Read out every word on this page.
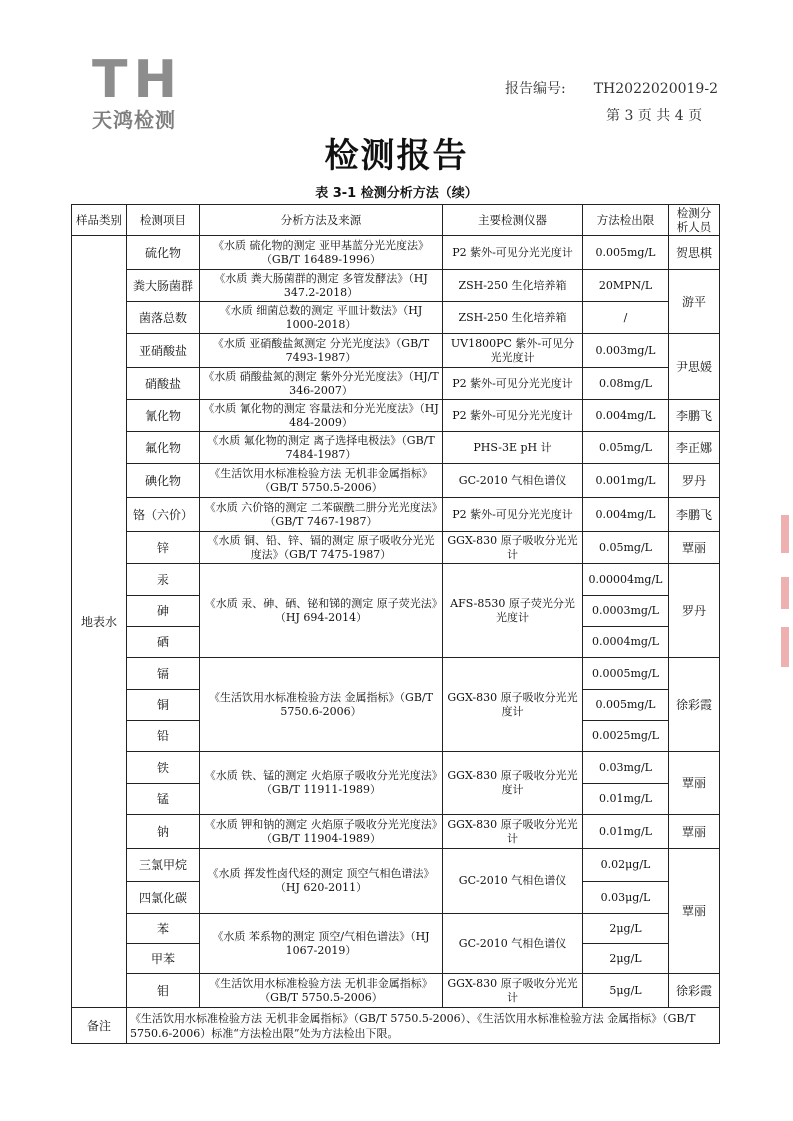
TH
天鸿检测
报告编号: TH2022020019-2
第 3 页 共 4 页
检测报告
表 3-1 检测分析方法（续）
样品类别	检测项目	分析方法及来源	主要检测仪器	方法检出限	检测分析人员
地表水	硫化物	《水质 硫化物的测定 亚甲基蓝分光光度法》（GB/T 16489-1996）	P2 紫外-可见分光光度计	0.005mg/L	贺思棋
	粪大肠菌群	《水质 粪大肠菌群的测定 多管发酵法》（HJ 347.2-2018）	ZSH-250 生化培养箱	20MPN/L	游平
	菌落总数	《水质 细菌总数的测定 平皿计数法》（HJ 1000-2018）	ZSH-250 生化培养箱	/	
	亚硝酸盐	《水质 亚硝酸盐氮测定 分光光度法》（GB/T 7493-1987）	UV1800PC 紫外-可见分光光度计	0.003mg/L	尹思媛
	硝酸盐	《水质 硝酸盐氮的测定 紫外分光光度法》（HJ/T 346-2007）	P2 紫外-可见分光光度计	0.08mg/L	
	氰化物	《水质 氰化物的测定 容量法和分光光度法》（HJ 484-2009）	P2 紫外-可见分光光度计	0.004mg/L	李鹏飞
	氟化物	《水质 氟化物的测定 离子选择电极法》（GB/T 7484-1987）	PHS-3E pH 计	0.05mg/L	李正娜
	碘化物	《生活饮用水标准检验方法 无机非金属指标》（GB/T 5750.5-2006）	GC-2010 气相色谱仪	0.001mg/L	罗丹
	铬（六价）	《水质 六价铬的测定 二苯碳酰二肼分光光度法》（GB/T 7467-1987）	P2 紫外-可见分光光度计	0.004mg/L	李鹏飞
	锌	《水质 铜、铅、锌、镉的测定 原子吸收分光光度法》（GB/T 7475-1987）	GGX-830 原子吸收分光光计	0.05mg/L	覃丽
	汞	《水质 汞、砷、硒、铋和锑的测定 原子荧光法》（HJ 694-2014）	AFS-8530 原子荧光分光光度计	0.00004mg/L	罗丹
	砷			0.0003mg/L	
	硒			0.0004mg/L	
	镉	《生活饮用水标准检验方法 金属指标》（GB/T 5750.6-2006）	GGX-830 原子吸收分光光度计	0.0005mg/L	徐彩霞
	铜			0.005mg/L	
	铅			0.0025mg/L	
	铁	《水质 铁、锰的测定 火焰原子吸收分光光度法》（GB/T 11911-1989）	GGX-830 原子吸收分光光度计	0.03mg/L	覃丽
	锰			0.01mg/L	
	钠	《水质 钾和钠的测定 火焰原子吸收分光光度法》（GB/T 11904-1989）	GGX-830 原子吸收分光光计	0.01mg/L	覃丽
	三氯甲烷	《水质 挥发性卤代烃的测定 顶空气相色谱法》（HJ 620-2011）	GC-2010 气相色谱仪	0.02μg/L	覃丽
	四氯化碳			0.03μg/L	
	苯	《水质 苯系物的测定 顶空/气相色谱法》（HJ 1067-2019）	GC-2010 气相色谱仪	2μg/L	
	甲苯			2μg/L	
	钼	《生活饮用水标准检验方法 无机非金属指标》（GB/T 5750.5-2006）	GGX-830 原子吸收分光光计	5μg/L	徐彩霞
备注	《生活饮用水标准检验方法 无机非金属指标》（GB/T 5750.5-2006）、《生活饮用水标准检验方法 金属指标》（GB/T 5750.6-2006）标准“方法检出限”处为方法检出下限。				
